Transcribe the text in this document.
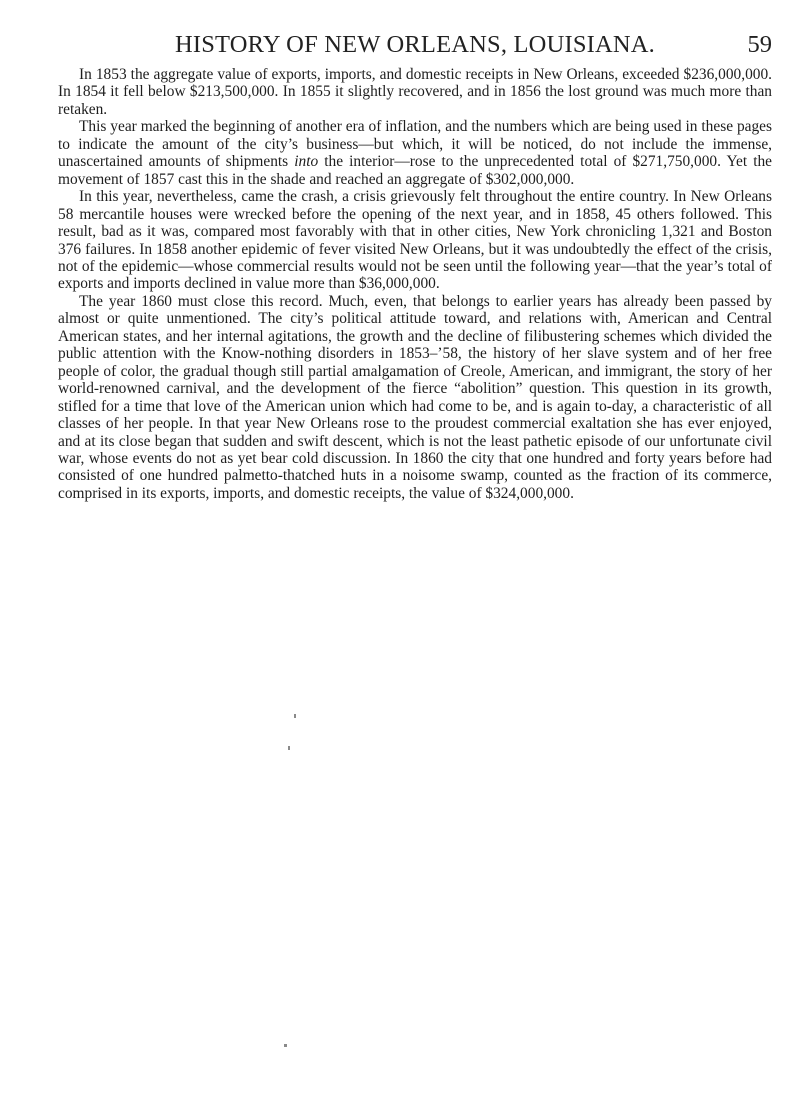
HISTORY OF NEW ORLEANS, LOUISIANA.	59

In 1853 the aggregate value of exports, imports, and domestic receipts in New Orleans, exceeded $236,000,000. In 1854 it fell below $213,500,000. In 1855 it slightly recovered, and in 1856 the lost ground was much more than retaken.

This year marked the beginning of another era of inflation, and the numbers which are being used in these pages to indicate the amount of the city’s business—but which, it will be noticed, do not include the immense, unascertained amounts of shipments into the interior—rose to the unprecedented total of $271,750,000. Yet the movement of 1857 cast this in the shade and reached an aggregate of $302,000,000.

In this year, nevertheless, came the crash, a crisis grievously felt throughout the entire country. In New Orleans 58 mercantile houses were wrecked before the opening of the next year, and in 1858, 45 others followed. This result, bad as it was, compared most favorably with that in other cities, New York chronicling 1,321 and Boston 376 failures. In 1858 another epidemic of fever visited New Orleans, but it was undoubtedly the effect of the crisis, not of the epidemic—whose commercial results would not be seen until the following year—that the year’s total of exports and imports declined in value more than $36,000,000.

The year 1860 must close this record. Much, even, that belongs to earlier years has already been passed by almost or quite unmentioned. The city’s political attitude toward, and relations with, American and Central American states, and her internal agitations, the growth and the decline of filibustering schemes which divided the public attention with the Know-nothing disorders in 1853–’58, the history of her slave system and of her free people of color, the gradual though still partial amalgamation of Creole, American, and immigrant, the story of her world-renowned carnival, and the development of the fierce “abolition” question. This question in its growth, stifled for a time that love of the American union which had come to be, and is again to-day, a characteristic of all classes of her people. In that year New Orleans rose to the proudest commercial exaltation she has ever enjoyed, and at its close began that sudden and swift descent, which is not the least pathetic episode of our unfortunate civil war, whose events do not as yet bear cold discussion. In 1860 the city that one hundred and forty years before had consisted of one hundred palmetto-thatched huts in a noisome swamp, counted as the fraction of its commerce, comprised in its exports, imports, and domestic receipts, the value of $324,000,000.
